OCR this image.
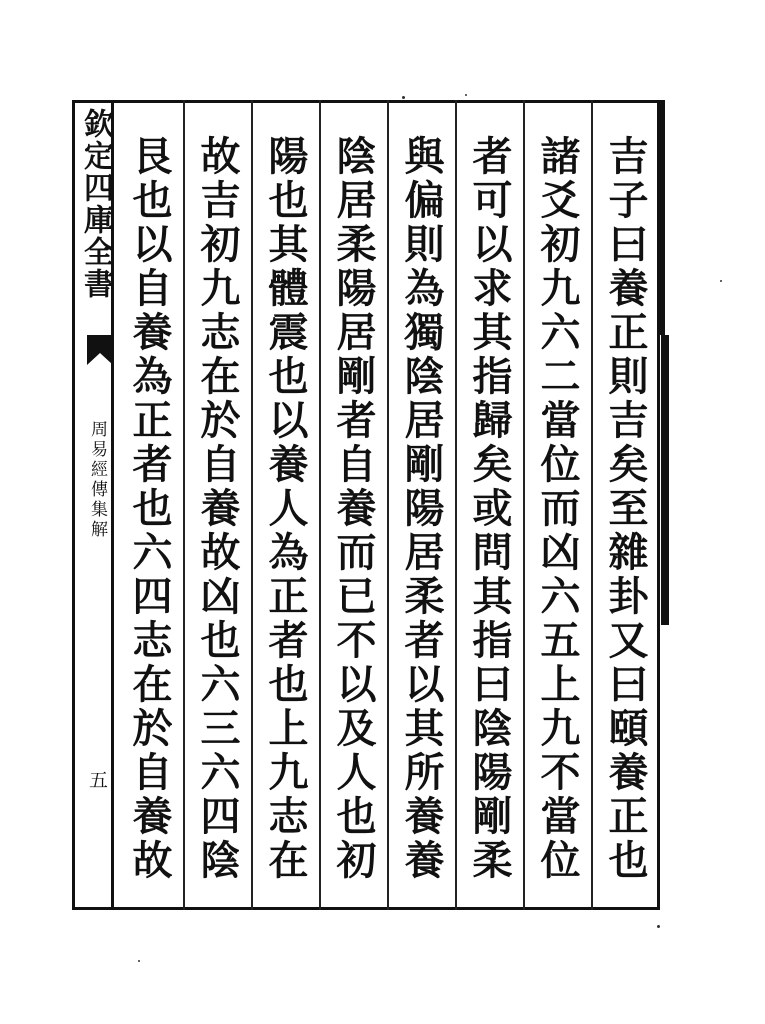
欽定四庫全書
周易經傳集解
五
吉子曰養正則吉矣至雜卦又曰頤養正也
諸爻初九六二當位而凶六五上九不當位
者可以求其指歸矣或問其指曰陰陽剛柔
與偏則為獨陰居剛陽居柔者以其所養養
陰居柔陽居剛者自養而已不以及人也初
陽也其體震也以養人為正者也上九志在
故吉初九志在於自養故凶也六三六四陰
艮也以自養為正者也六四志在於自養故
